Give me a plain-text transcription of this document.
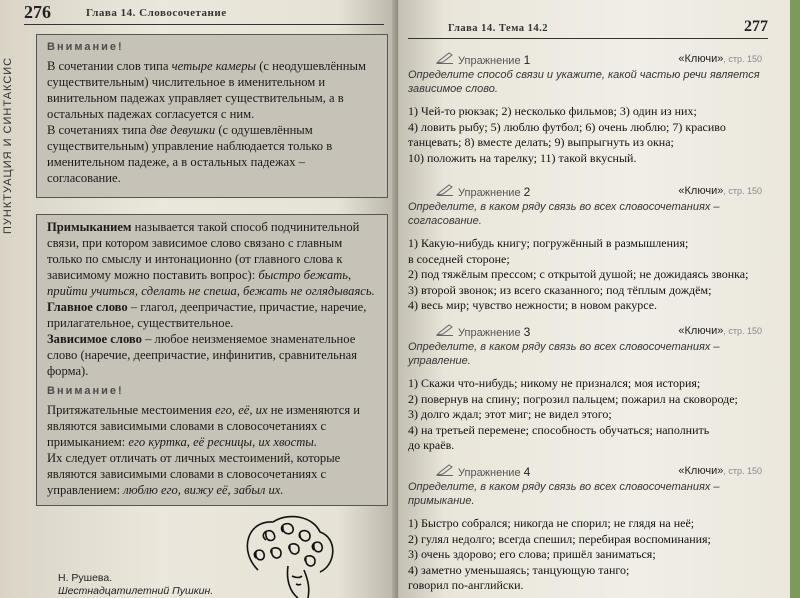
276	Глава 14. Словосочетание
ПУНКТУАЦИЯ И СИНТАКСИС
Внимание!

В сочетании слов типа четыре камеры (с неодушевлённым существительным) числительное в именительном и винительном падежах управляет существительным, а в остальных падежах согласуется с ним.

В сочетаниях типа две девушки (с одушевлённым существительным) управление наблюдается только в именительном падеже, а в остальных падежах – согласование.

Примыканием называется такой способ подчинительной связи, при котором зависимое слово связано с главным только по смыслу и интонационно (от главного слова к зависимому можно поставить вопрос): быстро бежать, прийти учиться, сделать не спеша, бежать не оглядываясь.

Главное слово – глагол, деепричастие, причастие, наречие, прилагательное, существительное.

Зависимое слово – любое неизменяемое знаменательное слово (наречие, деепричастие, инфинитив, сравнительная форма).

Внимание!

Притяжательные местоимения его, её, их не изменяются и являются зависимыми словами в словосочетаниях с примыканием: его куртка, её ресницы, их хвосты.

Их следует отличать от личных местоимений, которые являются зависимыми словами в словосочетаниях с управлением: люблю его, вижу её, забыл их.

Н. Рушева.
Шестнадцатилетний Пушкин.
Глава 14. Тема 14.2	277
Упражнение 1	«Ключи», стр. 150

Определите способ связи и укажите, какой частью речи является зависимое слово.

1) Чей-то рюкзак; 2) несколько фильмов; 3) один из них;
4) ловить рыбу; 5) люблю футбол; 6) очень люблю; 7) красиво
танцевать; 8) вместе делать; 9) выпрыгнуть из окна;
10) положить на тарелку; 11) такой вкусный.
Упражнение 2	«Ключи», стр. 150

Определите, в каком ряду связь во всех словосочетаниях – согласование.

1) Какую-нибудь книгу; погружённый в размышления;
в соседней стороне;
2) под тяжёлым прессом; с открытой душой; не дожидаясь звонка;
3) второй звонок; из всего сказанного; под тёплым дождём;
4) весь мир; чувство нежности; в новом ракурсе.
Упражнение 3	«Ключи», стр. 150

Определите, в каком ряду связь во всех словосочетаниях – управление.

1) Скажи что-нибудь; никому не признался; моя история;
2) повернув на спину; погрозил пальцем; пожарил на сковороде;
3) долго ждал; этот миг; не видел этого;
4) на третьей перемене; способность обучаться; наполнить
до краёв.
Упражнение 4	«Ключи», стр. 150

Определите, в каком ряду связь во всех словосочетаниях – примыкание.

1) Быстро собрался; никогда не спорил; не глядя на неё;
2) гулял недолго; всегда спешил; перебирая воспоминания;
3) очень здорово; его слова; пришёл заниматься;
4) заметно уменьшаясь; танцующую танго;
говорил по-английски.
